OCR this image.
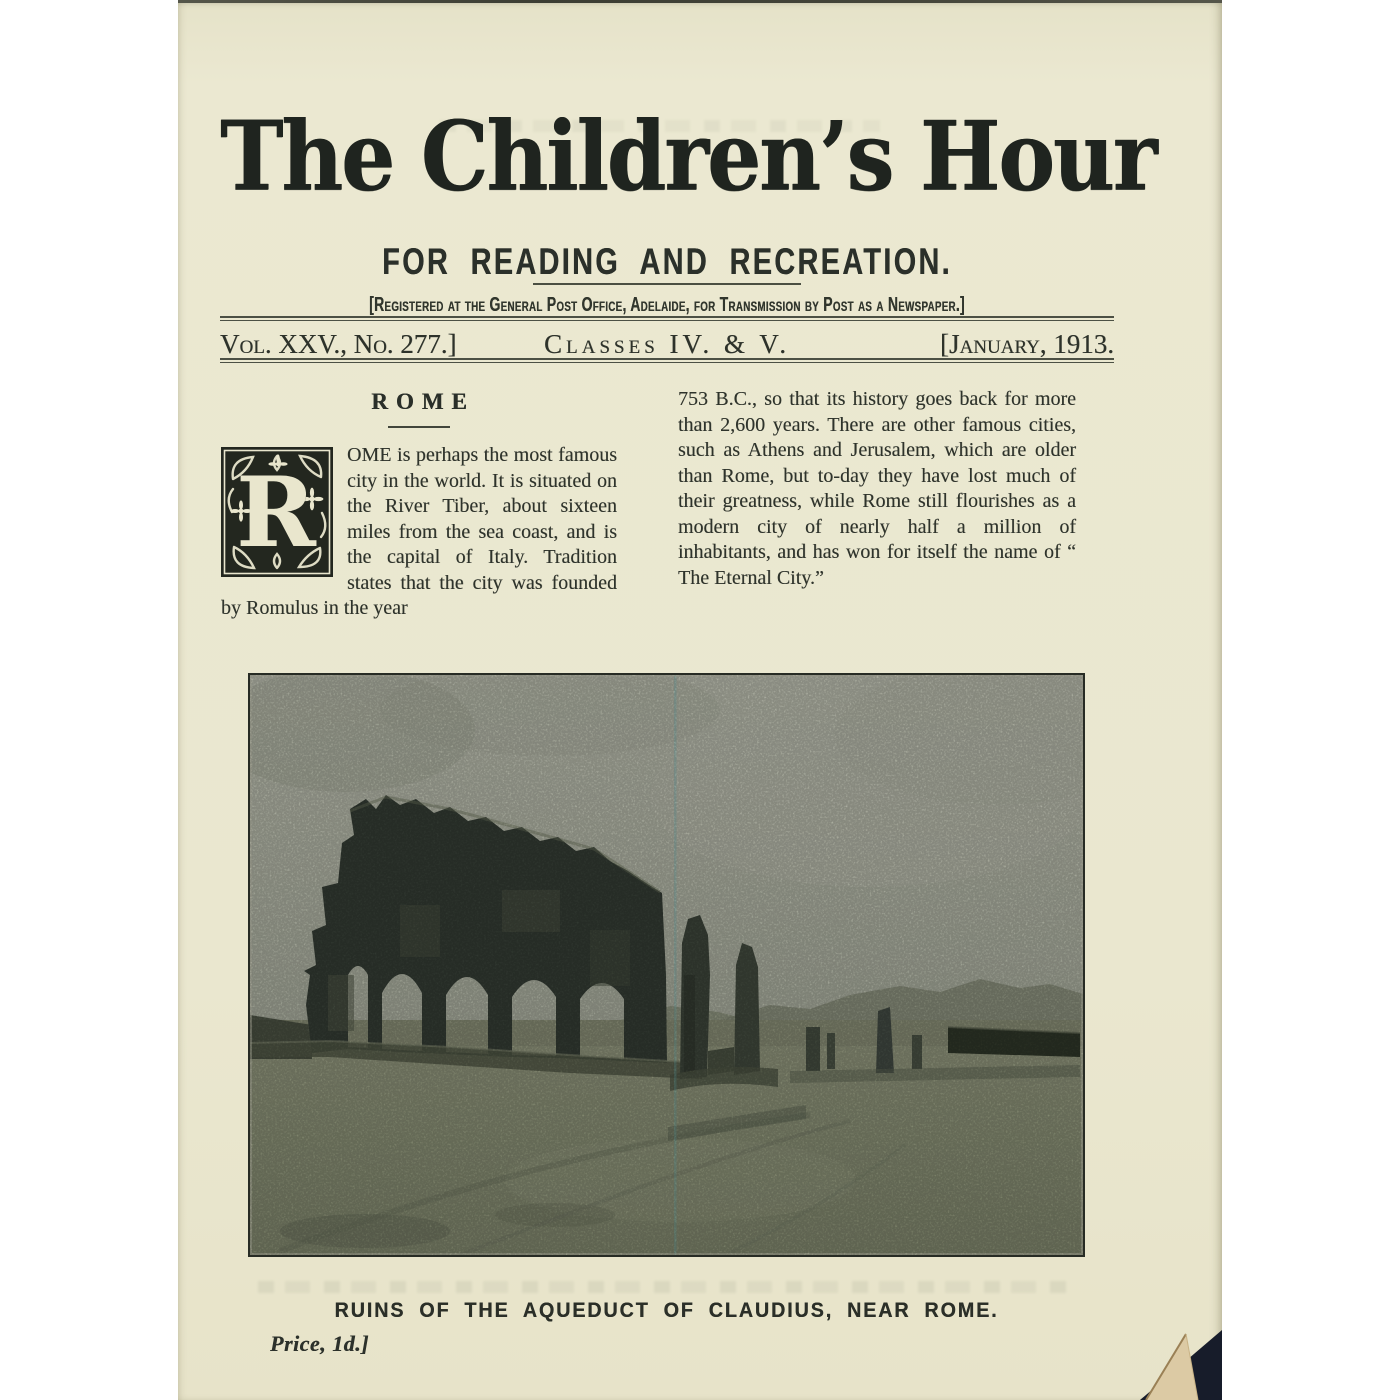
The Children’s Hour
FOR READING AND RECREATION.
[Registered at the General Post Office, Adelaide, for Transmission by Post as a Newspaper.]
Vol. XXV., No. 277.]	Classes IV. & V.	[January, 1913.
ROME

R
OME is perhaps the most famous city in the world. It is situated on the River Tiber, about sixteen miles from the sea coast, and is the capital of Italy. Tradition states that the city was founded by Romulus in the year

753 B.C., so that its history goes back for more than 2,600 years. There are other famous cities, such as Athens and Jerusalem, which are older than Rome, but to-day they have lost much of their greatness, while Rome still flourishes as a modern city of nearly half a million of inhabitants, and has won for itself the name of “ The Eternal City.”

RUINS OF THE AQUEDUCT OF CLAUDIUS, NEAR ROME.
Price, 1d.]
